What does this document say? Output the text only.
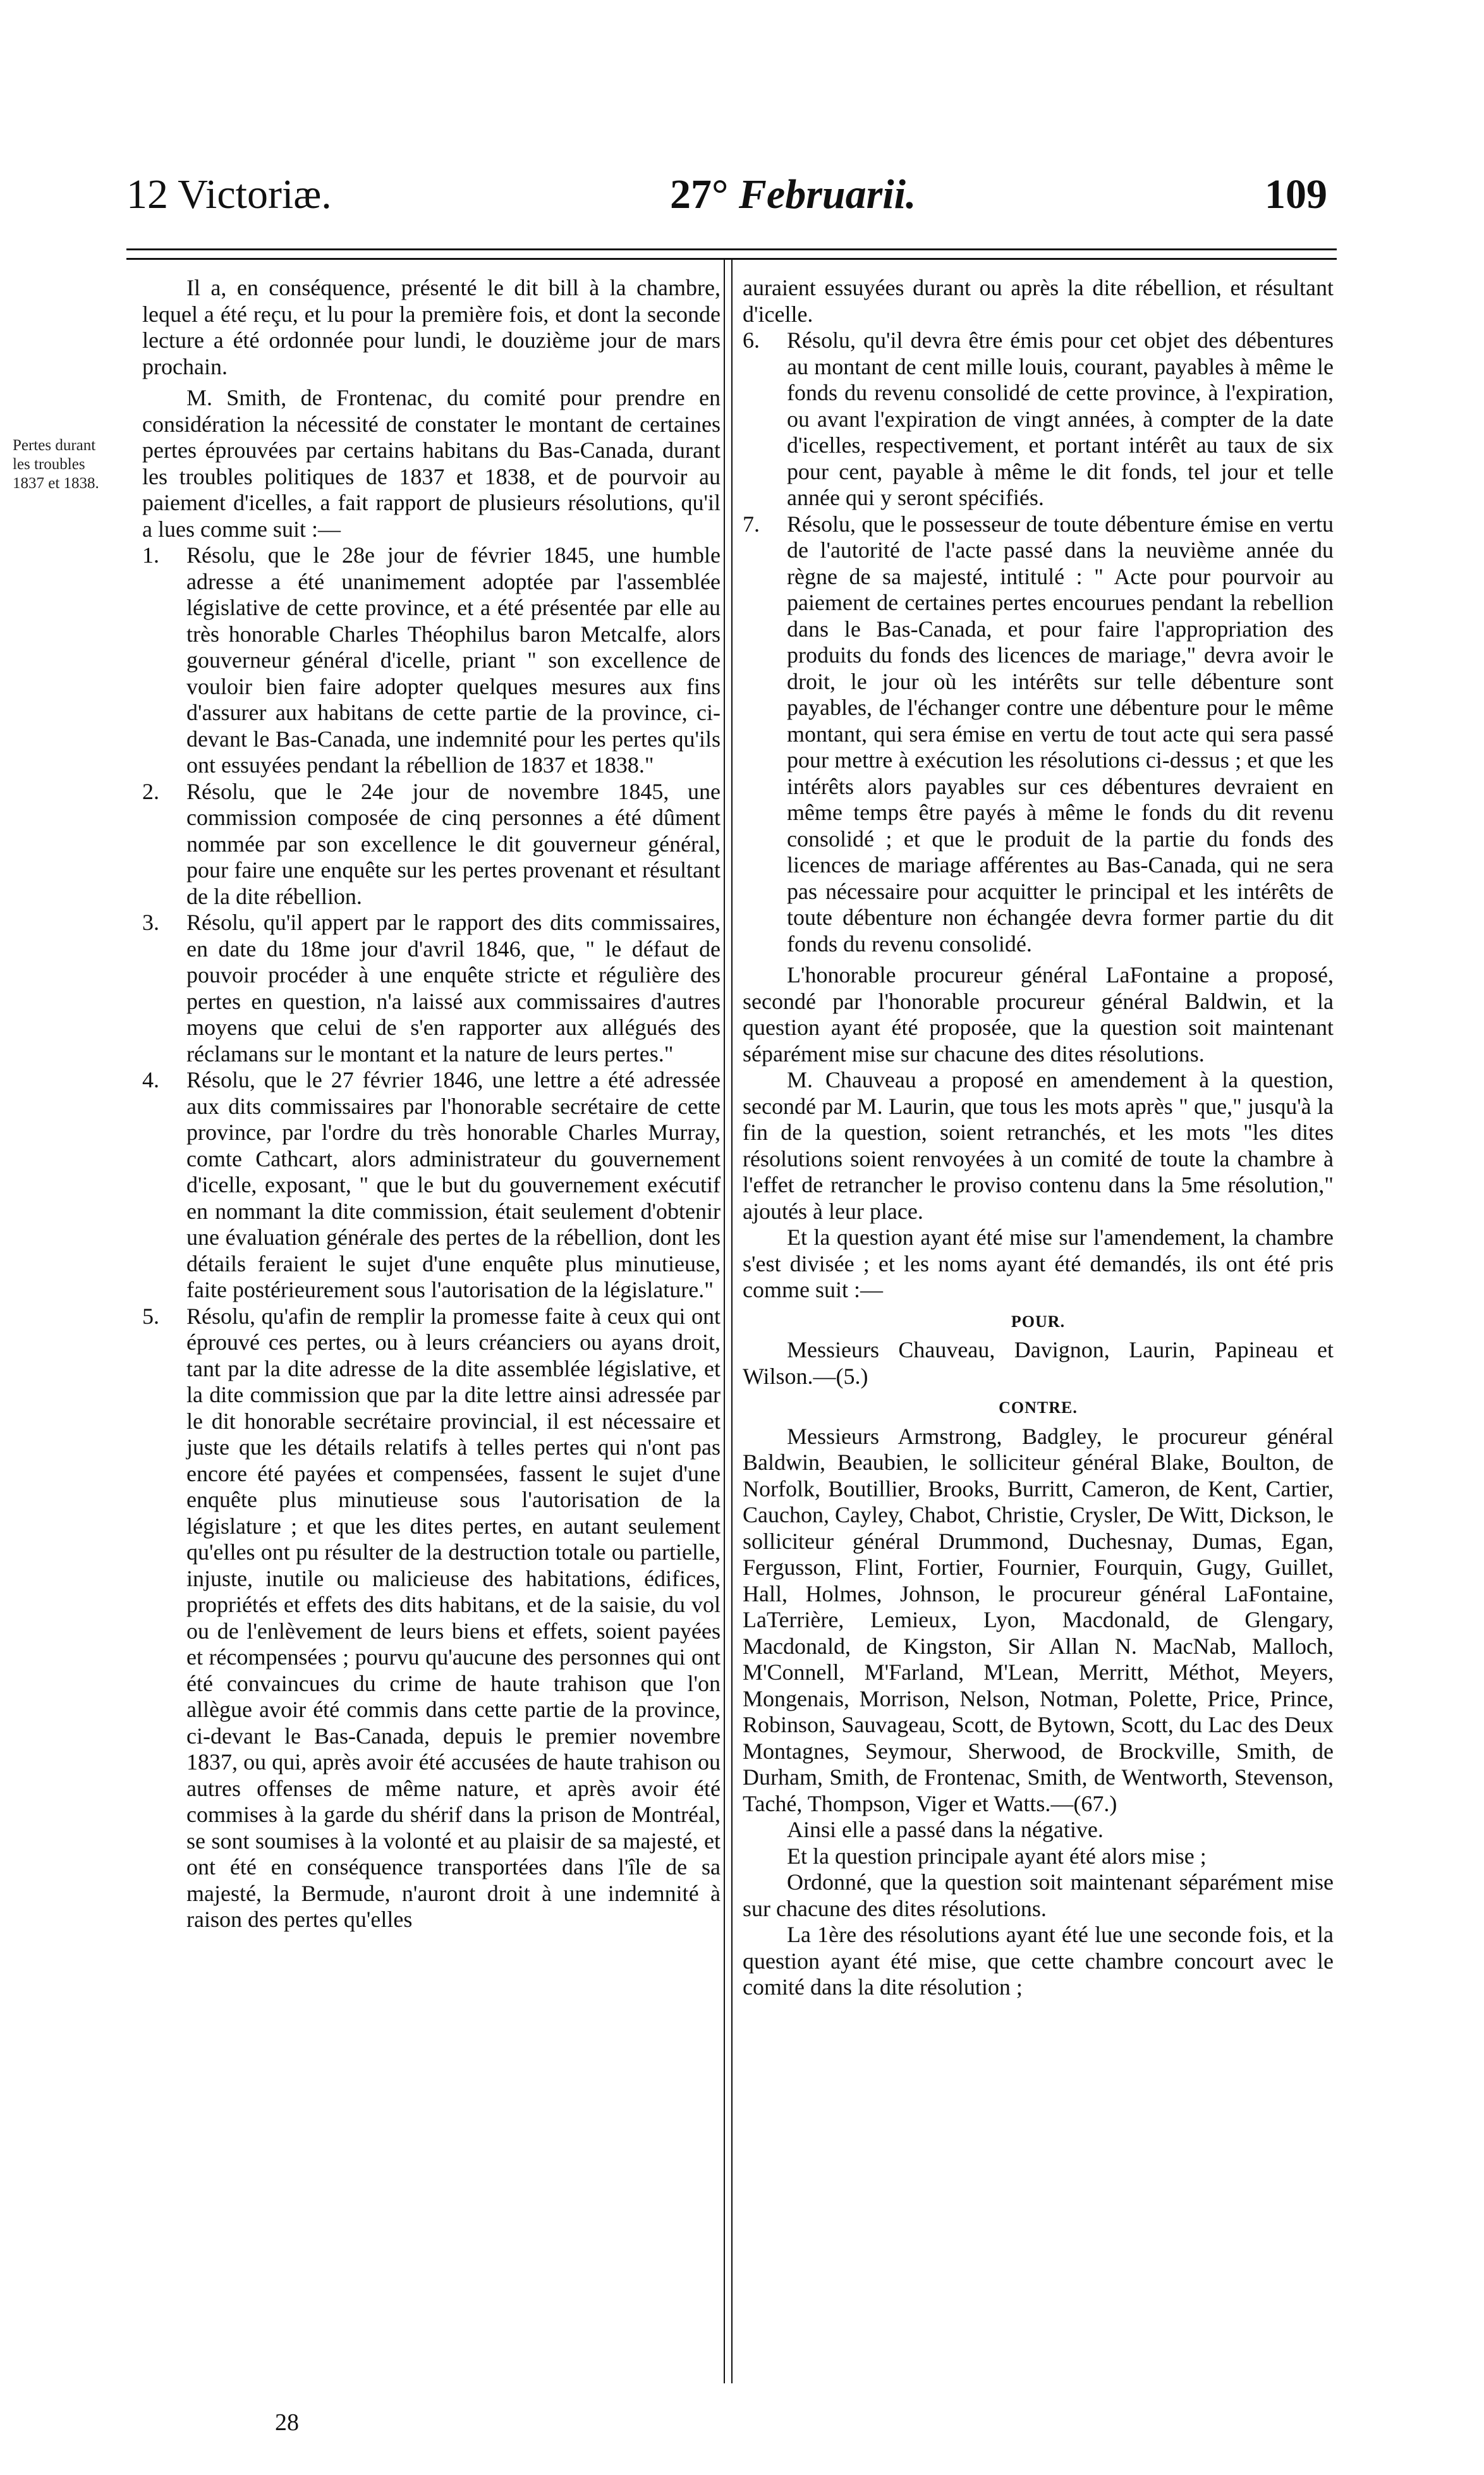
12 Victoriæ.	27° Februarii.	109
Pertes durant les troubles 1837 et 1838.

Il a, en conséquence, présenté le dit bill à la chambre, lequel a été reçu, et lu pour la première fois, et dont la seconde lecture a été ordonnée pour lundi, le douzième jour de mars prochain.

M. Smith, de Frontenac, du comité pour prendre en considération la nécessité de constater le montant de certaines pertes éprouvées par certains habitans du Bas-Canada, durant les troubles politiques de 1837 et 1838, et de pourvoir au paiement d'icelles, a fait rapport de plusieurs résolutions, qu'il a lues comme suit :—

1. Résolu, que le 28e jour de février 1845, une humble adresse a été unanimement adoptée par l'assemblée législative de cette province, et a été présentée par elle au très honorable Charles Théophilus baron Metcalfe, alors gouverneur général d'icelle, priant " son excellence de vouloir bien faire adopter quelques mesures aux fins d'assurer aux habitans de cette partie de la province, ci-devant le Bas-Canada, une indemnité pour les pertes qu'ils ont essuyées pendant la rébellion de 1837 et 1838."

2. Résolu, que le 24e jour de novembre 1845, une commission composée de cinq personnes a été dûment nommée par son excellence le dit gouverneur général, pour faire une enquête sur les pertes provenant et résultant de la dite rébellion.

3. Résolu, qu'il appert par le rapport des dits commissaires, en date du 18me jour d'avril 1846, que, " le défaut de pouvoir procéder à une enquête stricte et régulière des pertes en question, n'a laissé aux commissaires d'autres moyens que celui de s'en rapporter aux allégués des réclamans sur le montant et la nature de leurs pertes."

4. Résolu, que le 27 février 1846, une lettre a été adressée aux dits commissaires par l'honorable secrétaire de cette province, par l'ordre du très honorable Charles Murray, comte Cathcart, alors administrateur du gouvernement d'icelle, exposant, " que le but du gouvernement exécutif en nommant la dite commission, était seulement d'obtenir une évaluation générale des pertes de la rébellion, dont les détails feraient le sujet d'une enquête plus minutieuse, faite postérieurement sous l'autorisation de la législature."

5. Résolu, qu'afin de remplir la promesse faite à ceux qui ont éprouvé ces pertes, ou à leurs créanciers ou ayans droit, tant par la dite adresse de la dite assemblée législative, et la dite commission que par la dite lettre ainsi adressée par le dit honorable secrétaire provincial, il est nécessaire et juste que les détails relatifs à telles pertes qui n'ont pas encore été payées et compensées, fassent le sujet d'une enquête plus minutieuse sous l'autorisation de la législature ; et que les dites pertes, en autant seulement qu'elles ont pu résulter de la destruction totale ou partielle, injuste, inutile ou malicieuse des habitations, édifices, propriétés et effets des dits habitans, et de la saisie, du vol ou de l'enlèvement de leurs biens et effets, soient payées et récompensées ; pourvu qu'aucune des personnes qui ont été convaincues du crime de haute trahison que l'on allègue avoir été commis dans cette partie de la province, ci-devant le Bas-Canada, depuis le premier novembre 1837, ou qui, après avoir été accusées de haute trahison ou autres offenses de même nature, et après avoir été commises à la garde du shérif dans la prison de Montréal, se sont soumises à la volonté et au plaisir de sa majesté, et ont été en conséquence transportées dans l'île de sa majesté, la Bermude, n'auront droit à une indemnité à raison des pertes qu'elles

auraient essuyées durant ou après la dite rébellion, et résultant d'icelle.

6. Résolu, qu'il devra être émis pour cet objet des débentures au montant de cent mille louis, courant, payables à même le fonds du revenu consolidé de cette province, à l'expiration, ou avant l'expiration de vingt années, à compter de la date d'icelles, respectivement, et portant intérêt au taux de six pour cent, payable à même le dit fonds, tel jour et telle année qui y seront spécifiés.

7. Résolu, que le possesseur de toute débenture émise en vertu de l'autorité de l'acte passé dans la neuvième année du règne de sa majesté, intitulé : " Acte pour pourvoir au paiement de certaines pertes encourues pendant la rebellion dans le Bas-Canada, et pour faire l'appropriation des produits du fonds des licences de mariage," devra avoir le droit, le jour où les intérêts sur telle débenture sont payables, de l'échanger contre une débenture pour le même montant, qui sera émise en vertu de tout acte qui sera passé pour mettre à exécution les résolutions ci-dessus ; et que les intérêts alors payables sur ces débentures devraient en même temps être payés à même le fonds du dit revenu consolidé ; et que le produit de la partie du fonds des licences de mariage afférentes au Bas-Canada, qui ne sera pas nécessaire pour acquitter le principal et les intérêts de toute débenture non échangée devra former partie du dit fonds du revenu consolidé.

L'honorable procureur général LaFontaine a proposé, secondé par l'honorable procureur général Baldwin, et la question ayant été proposée, que la question soit maintenant séparément mise sur chacune des dites résolutions.

M. Chauveau a proposé en amendement à la question, secondé par M. Laurin, que tous les mots après " que," jusqu'à la fin de la question, soient retranchés, et les mots "les dites résolutions soient renvoyées à un comité de toute la chambre à l'effet de retrancher le proviso contenu dans la 5me résolution," ajoutés à leur place.

Et la question ayant été mise sur l'amendement, la chambre s'est divisée ; et les noms ayant été demandés, ils ont été pris comme suit :—

POUR.

Messieurs Chauveau, Davignon, Laurin, Papineau et Wilson.—(5.)

CONTRE.

Messieurs Armstrong, Badgley, le procureur général Baldwin, Beaubien, le solliciteur général Blake, Boulton, de Norfolk, Boutillier, Brooks, Burritt, Cameron, de Kent, Cartier, Cauchon, Cayley, Chabot, Christie, Crysler, De Witt, Dickson, le solliciteur général Drummond, Duchesnay, Dumas, Egan, Fergusson, Flint, Fortier, Fournier, Fourquin, Gugy, Guillet, Hall, Holmes, Johnson, le procureur général LaFontaine, LaTerrière, Lemieux, Lyon, Macdonald, de Glengary, Macdonald, de Kingston, Sir Allan N. MacNab, Malloch, M'Connell, M'Farland, M'Lean, Merritt, Méthot, Meyers, Mongenais, Morrison, Nelson, Notman, Polette, Price, Prince, Robinson, Sauvageau, Scott, de Bytown, Scott, du Lac des Deux Montagnes, Seymour, Sherwood, de Brockville, Smith, de Durham, Smith, de Frontenac, Smith, de Wentworth, Stevenson, Taché, Thompson, Viger et Watts.—(67.)

Ainsi elle a passé dans la négative.

Et la question principale ayant été alors mise ;

Ordonné, que la question soit maintenant séparément mise sur chacune des dites résolutions.

La 1ère des résolutions ayant été lue une seconde fois, et la question ayant été mise, que cette chambre concourt avec le comité dans la dite résolution ;

28
